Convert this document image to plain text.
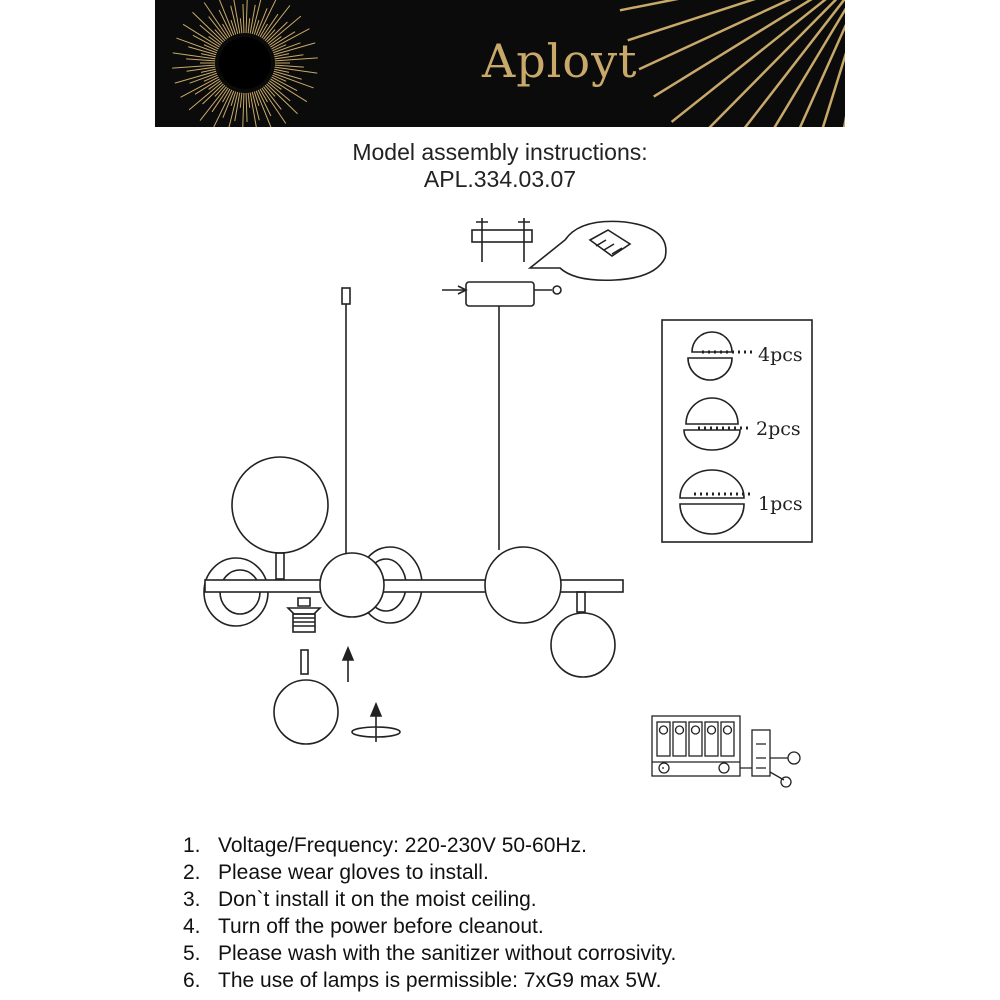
Aployt
Model assembly instructions:
APL.334.03.07
4pcs
2pcs
1pcs
1. Voltage/Frequency: 220-230V 50-60Hz.
2. Please wear gloves to install.
3. Don`t install it on the moist ceiling.
4. Turn off the power before cleanout.
5. Please wash with the sanitizer without corrosivity.
6. The use of lamps is permissible: 7xG9 max 5W.
